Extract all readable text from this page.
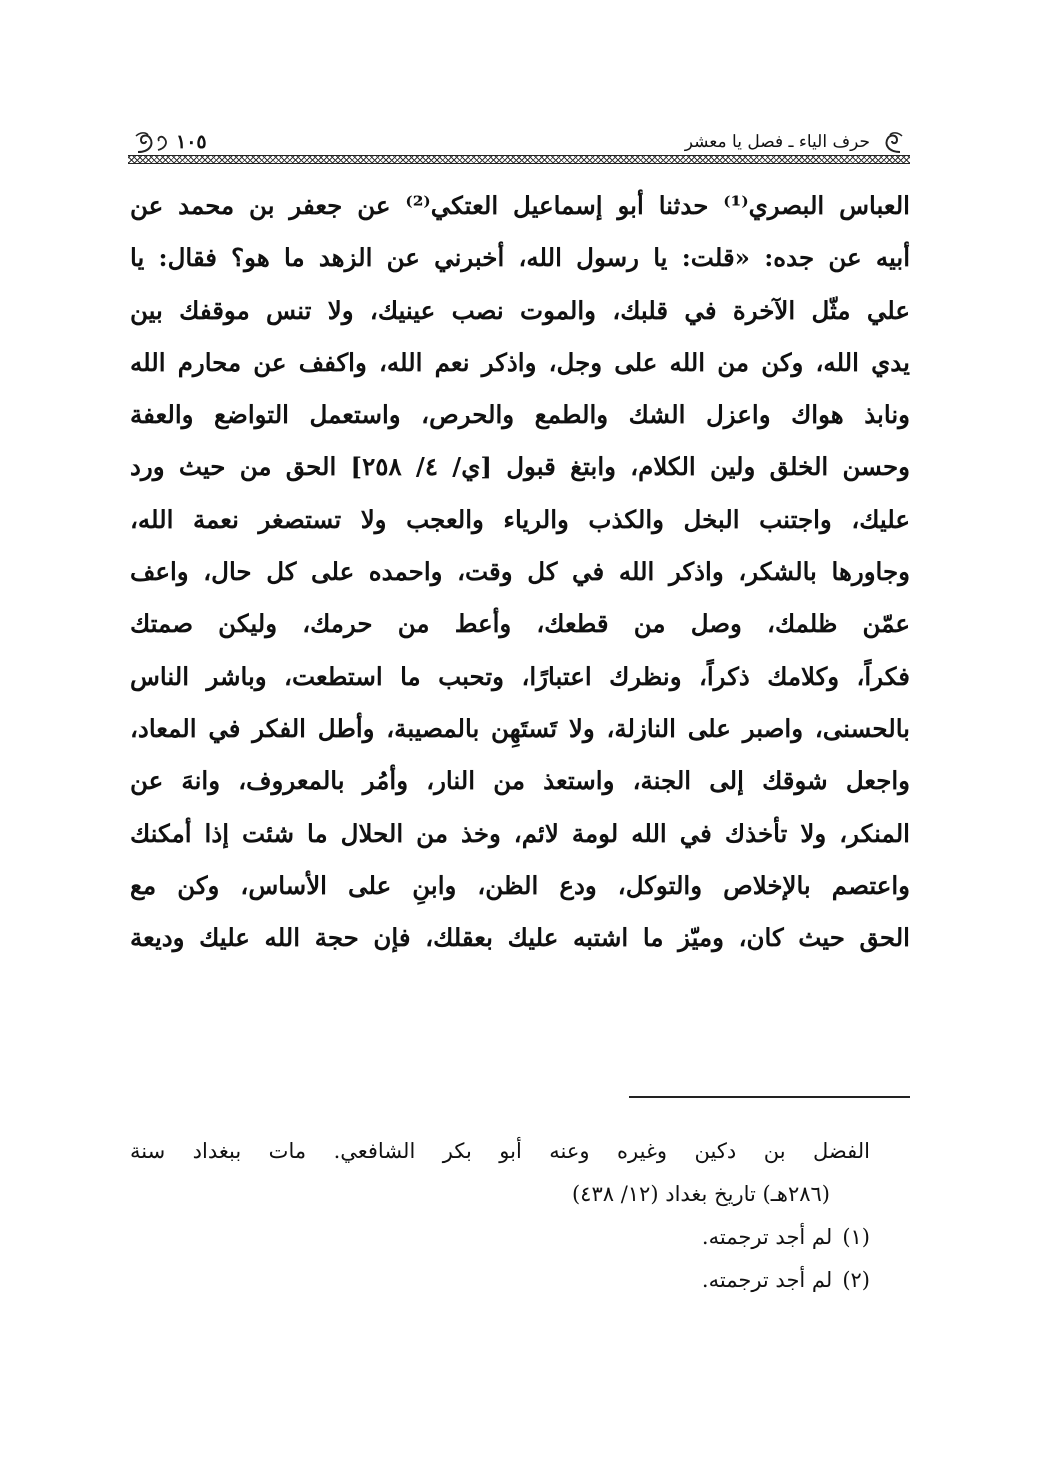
حرف الياء ـ فصل يا معشر
١٠٥
العباس البصري⁽¹⁾ حدثنا أبو إسماعيل العتكي⁽²⁾ عن جعفر بن محمد عن
أبيه عن جده: «قلت: يا رسول الله، أخبرني عن الزهد ما هو؟ فقال: يا
علي مثّل الآخرة في قلبك، والموت نصب عينيك، ولا تنس موقفك بين
يدي الله، وكن من الله على وجل، واذكر نعم الله، واكفف عن محارم الله
ونابذ هواك واعزل الشك والطمع والحرص، واستعمل التواضع والعفة
وحسن الخلق ولين الكلام، وابتغ قبول [ي/ ٤/ ٢٥٨] الحق من حيث ورد
عليك، واجتنب البخل والكذب والرياء والعجب ولا تستصغر نعمة الله،
وجاورها بالشكر، واذكر الله في كل وقت، واحمده على كل حال، واعف
عمّن ظلمك، وصل من قطعك، وأعط من حرمك، وليكن صمتك
فكراً، وكلامك ذكراً، ونظرك اعتبارًا، وتحبب ما استطعت، وباشر الناس
بالحسنى، واصبر على النازلة، ولا تَستَهِن بالمصيبة، وأطل الفكر في المعاد،
واجعل شوقك إلى الجنة، واستعذ من النار، وأمُر بالمعروف، وانهَ عن
المنكر، ولا تأخذك في الله لومة لائم، وخذ من الحلال ما شئت إذا أمكنك
واعتصم بالإخلاص والتوكل، ودع الظن، وابنِ على الأساس، وكن مع
الحق حيث كان، وميّز ما اشتبه عليك بعقلك، فإن حجة الله عليك وديعة
الفضل بن دكين وغيره وعنه أبو بكر الشافعي. مات ببغداد سنة
(٢٨٦هـ) تاريخ بغداد (١٢/ ٤٣٨)
(١)لم أجد ترجمته.
(٢)لم أجد ترجمته.
